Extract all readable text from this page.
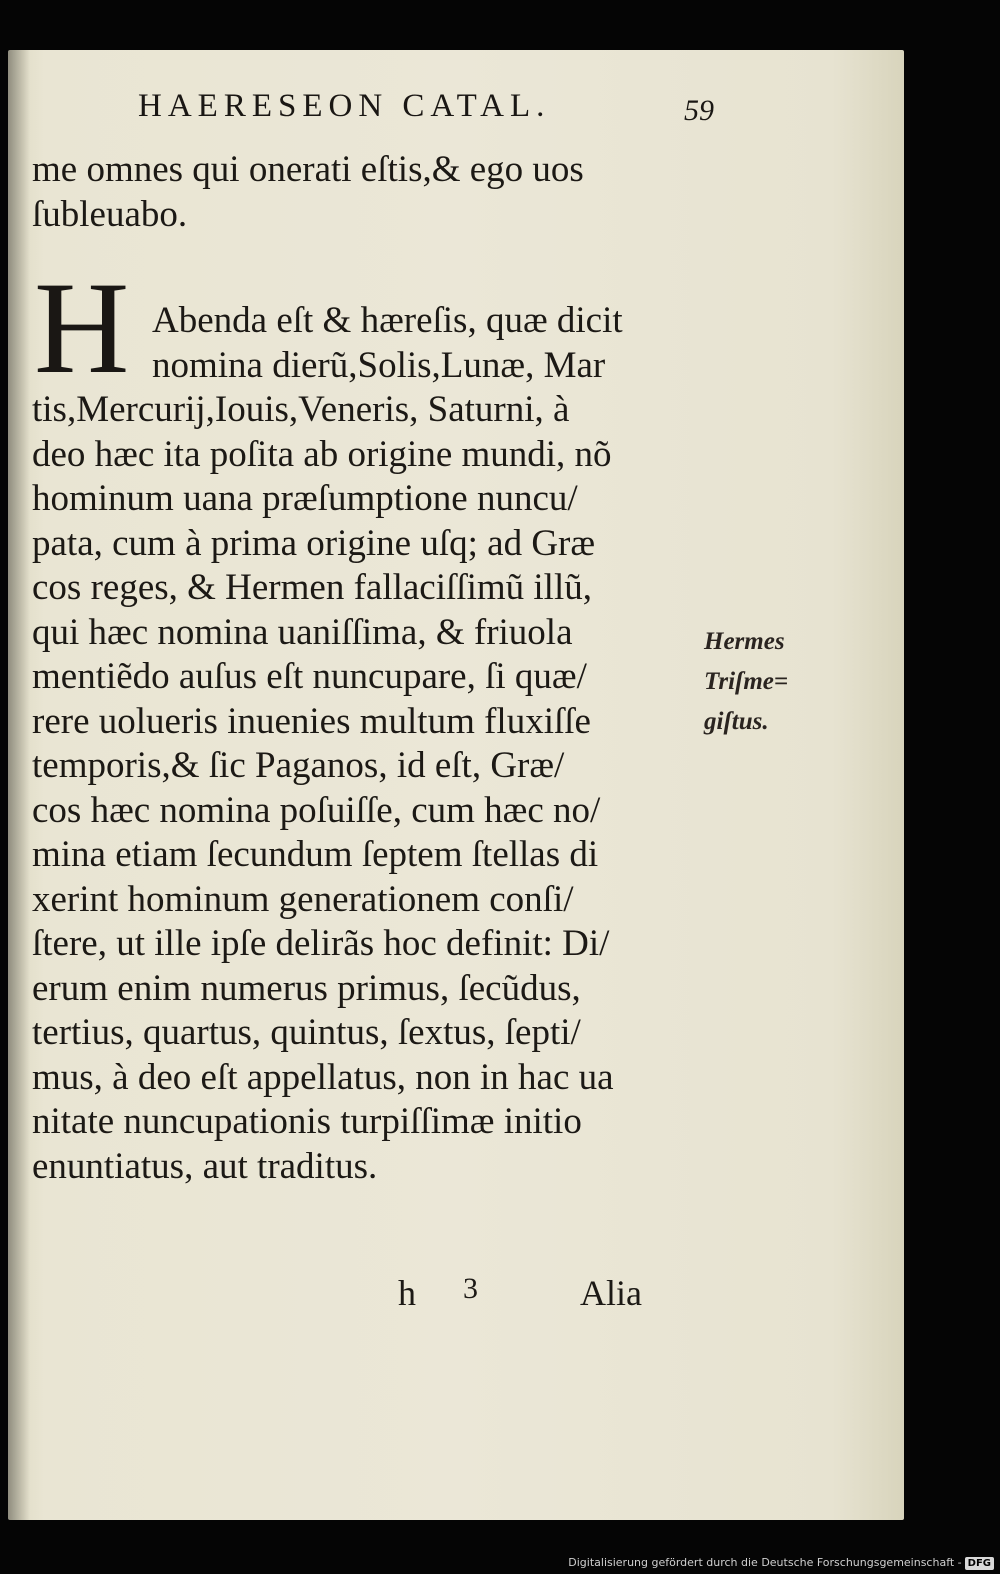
HAERESEON CATAL.	59
me omnes qui onerati eſtis,& ego uos
ſubleuabo.
Abenda eſt & hæreſis, quæ dicit
nomina dierũ,Solis,Lunæ, Mar
tis,Mercurij,Iouis,Veneris, Saturni, à
deo hæc ita poſita ab origine mundi, nõ
hominum uana præſumptione nuncu/
pata, cum à prima origine uſq; ad Græ
cos reges, & Hermen fallaciſſimũ illũ,
qui hæc nomina uaniſſima, & friuola
mentiẽdo auſus eſt nuncupare, ſi quæ/
rere uolueris inuenies multum fluxiſſe
temporis,& ſic Paganos, id eſt, Græ/
cos hæc nomina poſuiſſe, cum hæc no/
mina etiam ſecundum ſeptem ſtellas di
xerint hominum generationem conſi/
ſtere, ut ille ipſe delirãs hoc definit: Di/
erum enim numerus primus, ſecũdus,
tertius, quartus, quintus, ſextus, ſepti/
mus, à deo eſt appellatus, non in hac ua
nitate nuncupationis turpiſſimæ initio
enuntiatus, aut traditus.
H
Hermes
Triſme=
giſtus.
h 3	Alia
Digitalisierung gefördert durch die Deutsche Forschungsgemeinschaft - DFG
